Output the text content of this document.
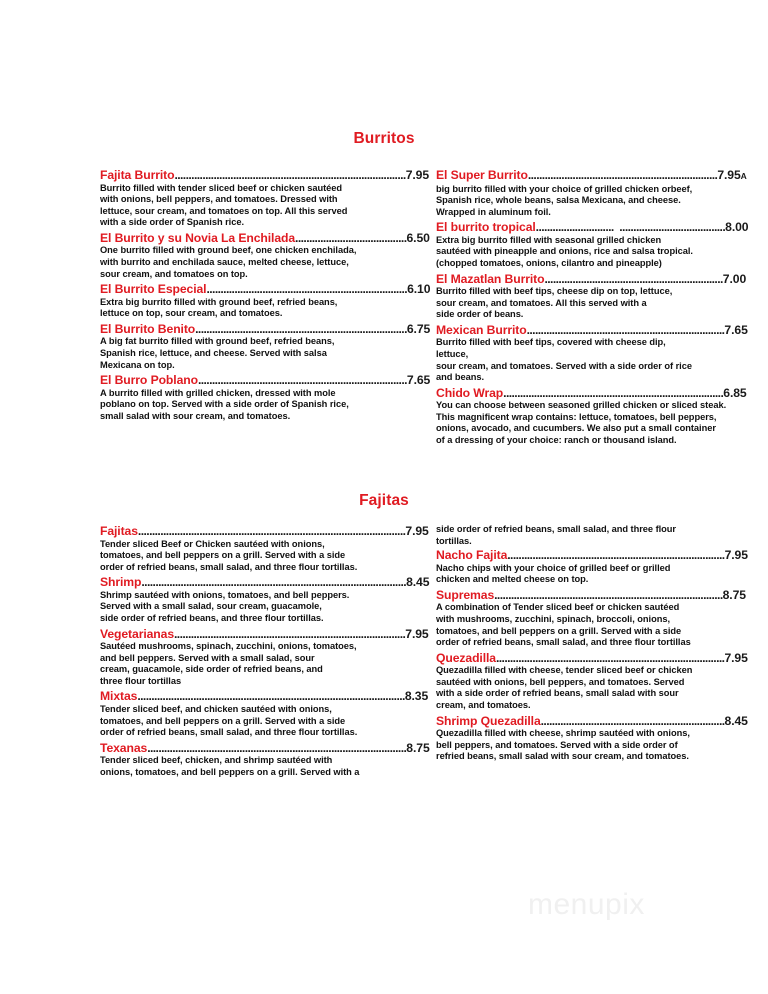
Burritos
Fajita Burrito...................................................................................7.95
Burrito filled with tender sliced beef or chicken sautéed
with onions, bell peppers, and tomatoes. Dressed with
lettuce, sour cream, and tomatoes on top. All this served
with a side order of Spanish rice.
El Burrito y su Novia La Enchilada........................................6.50
One burrito filled with ground beef, one chicken enchilada,
with burrito and enchilada sauce, melted cheese, lettuce,
sour cream, and tomatoes on top.
El Burrito Especial........................................................................6.10
Extra big burrito filled with ground beef, refried beans,
lettuce on top, sour cream, and tomatoes.
El Burrito Benito............................................................................6.75
A big fat burrito filled with ground beef, refried beans,
Spanish rice, lettuce, and cheese. Served with salsa
Mexicana on top.
El Burro Poblano...........................................................................7.65
A burrito filled with grilled chicken, dressed with mole
poblano on top. Served with a side order of Spanish rice,
small salad with sour cream, and tomatoes.
El Super Burrito....................................................................7.95A
big burrito filled with your choice of grilled chicken orbeef,
Spanish rice, whole beans, salsa Mexicana, and cheese.
Wrapped in aluminum foil.
El burrito tropical............................  ......................................8.00
Extra big burrito filled with seasonal grilled chicken
sautéed with pineapple and onions, rice and salsa tropical.
(chopped tomatoes, onions, cilantro and pineapple)
El Mazatlan Burrito................................................................7.00
Burrito filled with beef tips, cheese dip on top, lettuce,
sour cream, and tomatoes. All this served with a
side order of beans.
Mexican Burrito.......................................................................7.65
Burrito filled with beef tips, covered with cheese dip,
lettuce,
sour cream, and tomatoes. Served with a side order of rice
and beans.
Chido Wrap...............................................................................6.85
You can choose between seasoned grilled chicken or sliced steak.
This magnificent wrap contains: lettuce, tomatoes, bell peppers,
onions, avocado, and cucumbers. We also put a small container
of a dressing of your choice: ranch or thousand island.
Fajitas
Fajitas................................................................................................7.95
Tender sliced Beef or Chicken sautéed with onions,
tomatoes, and bell peppers on a grill. Served with a side
order of refried beans, small salad, and three flour tortillas.
Shrimp...............................................................................................8.45
Shrimp sautéed with onions, tomatoes, and bell peppers.
Served with a small salad, sour cream, guacamole,
side order of refried beans, and three flour tortillas.
Vegetarianas...................................................................................7.95
Sautéed mushrooms, spinach, zucchini, onions, tomatoes,
and bell peppers. Served with a small salad, sour
cream, guacamole, side order of refried beans, and
three flour tortillas
Mixtas................................................................................................8.35
Tender sliced beef, and chicken sautéed with onions,
tomatoes, and bell peppers on a grill. Served with a side
order of refried beans, small salad, and three flour tortillas.
Texanas.............................................................................................8.75
Tender sliced beef, chicken, and shrimp sautéed with
onions, tomatoes, and bell peppers on a grill. Served with a
side order of refried beans, small salad, and three flour
tortillas.
Nacho Fajita..............................................................................7.95
Nacho chips with your choice of grilled beef or grilled
chicken and melted cheese on top.
Supremas..................................................................................8.75
A combination of Tender sliced beef or chicken sautéed
with mushrooms, zucchini, spinach, broccoli, onions,
tomatoes, and bell peppers on a grill. Served with a side
order of refried beans, small salad, and three flour tortillas
Quezadilla..................................................................................7.95
Quezadilla filled with cheese, tender sliced beef or chicken
sautéed with onions, bell peppers, and tomatoes. Served
with a side order of refried beans, small salad with sour
cream, and tomatoes.
Shrimp Quezadilla..................................................................8.45
Quezadilla filled with cheese, shrimp sautéed with onions,
bell peppers, and tomatoes. Served with a side order of
refried beans, small salad with sour cream, and tomatoes.
menupix
